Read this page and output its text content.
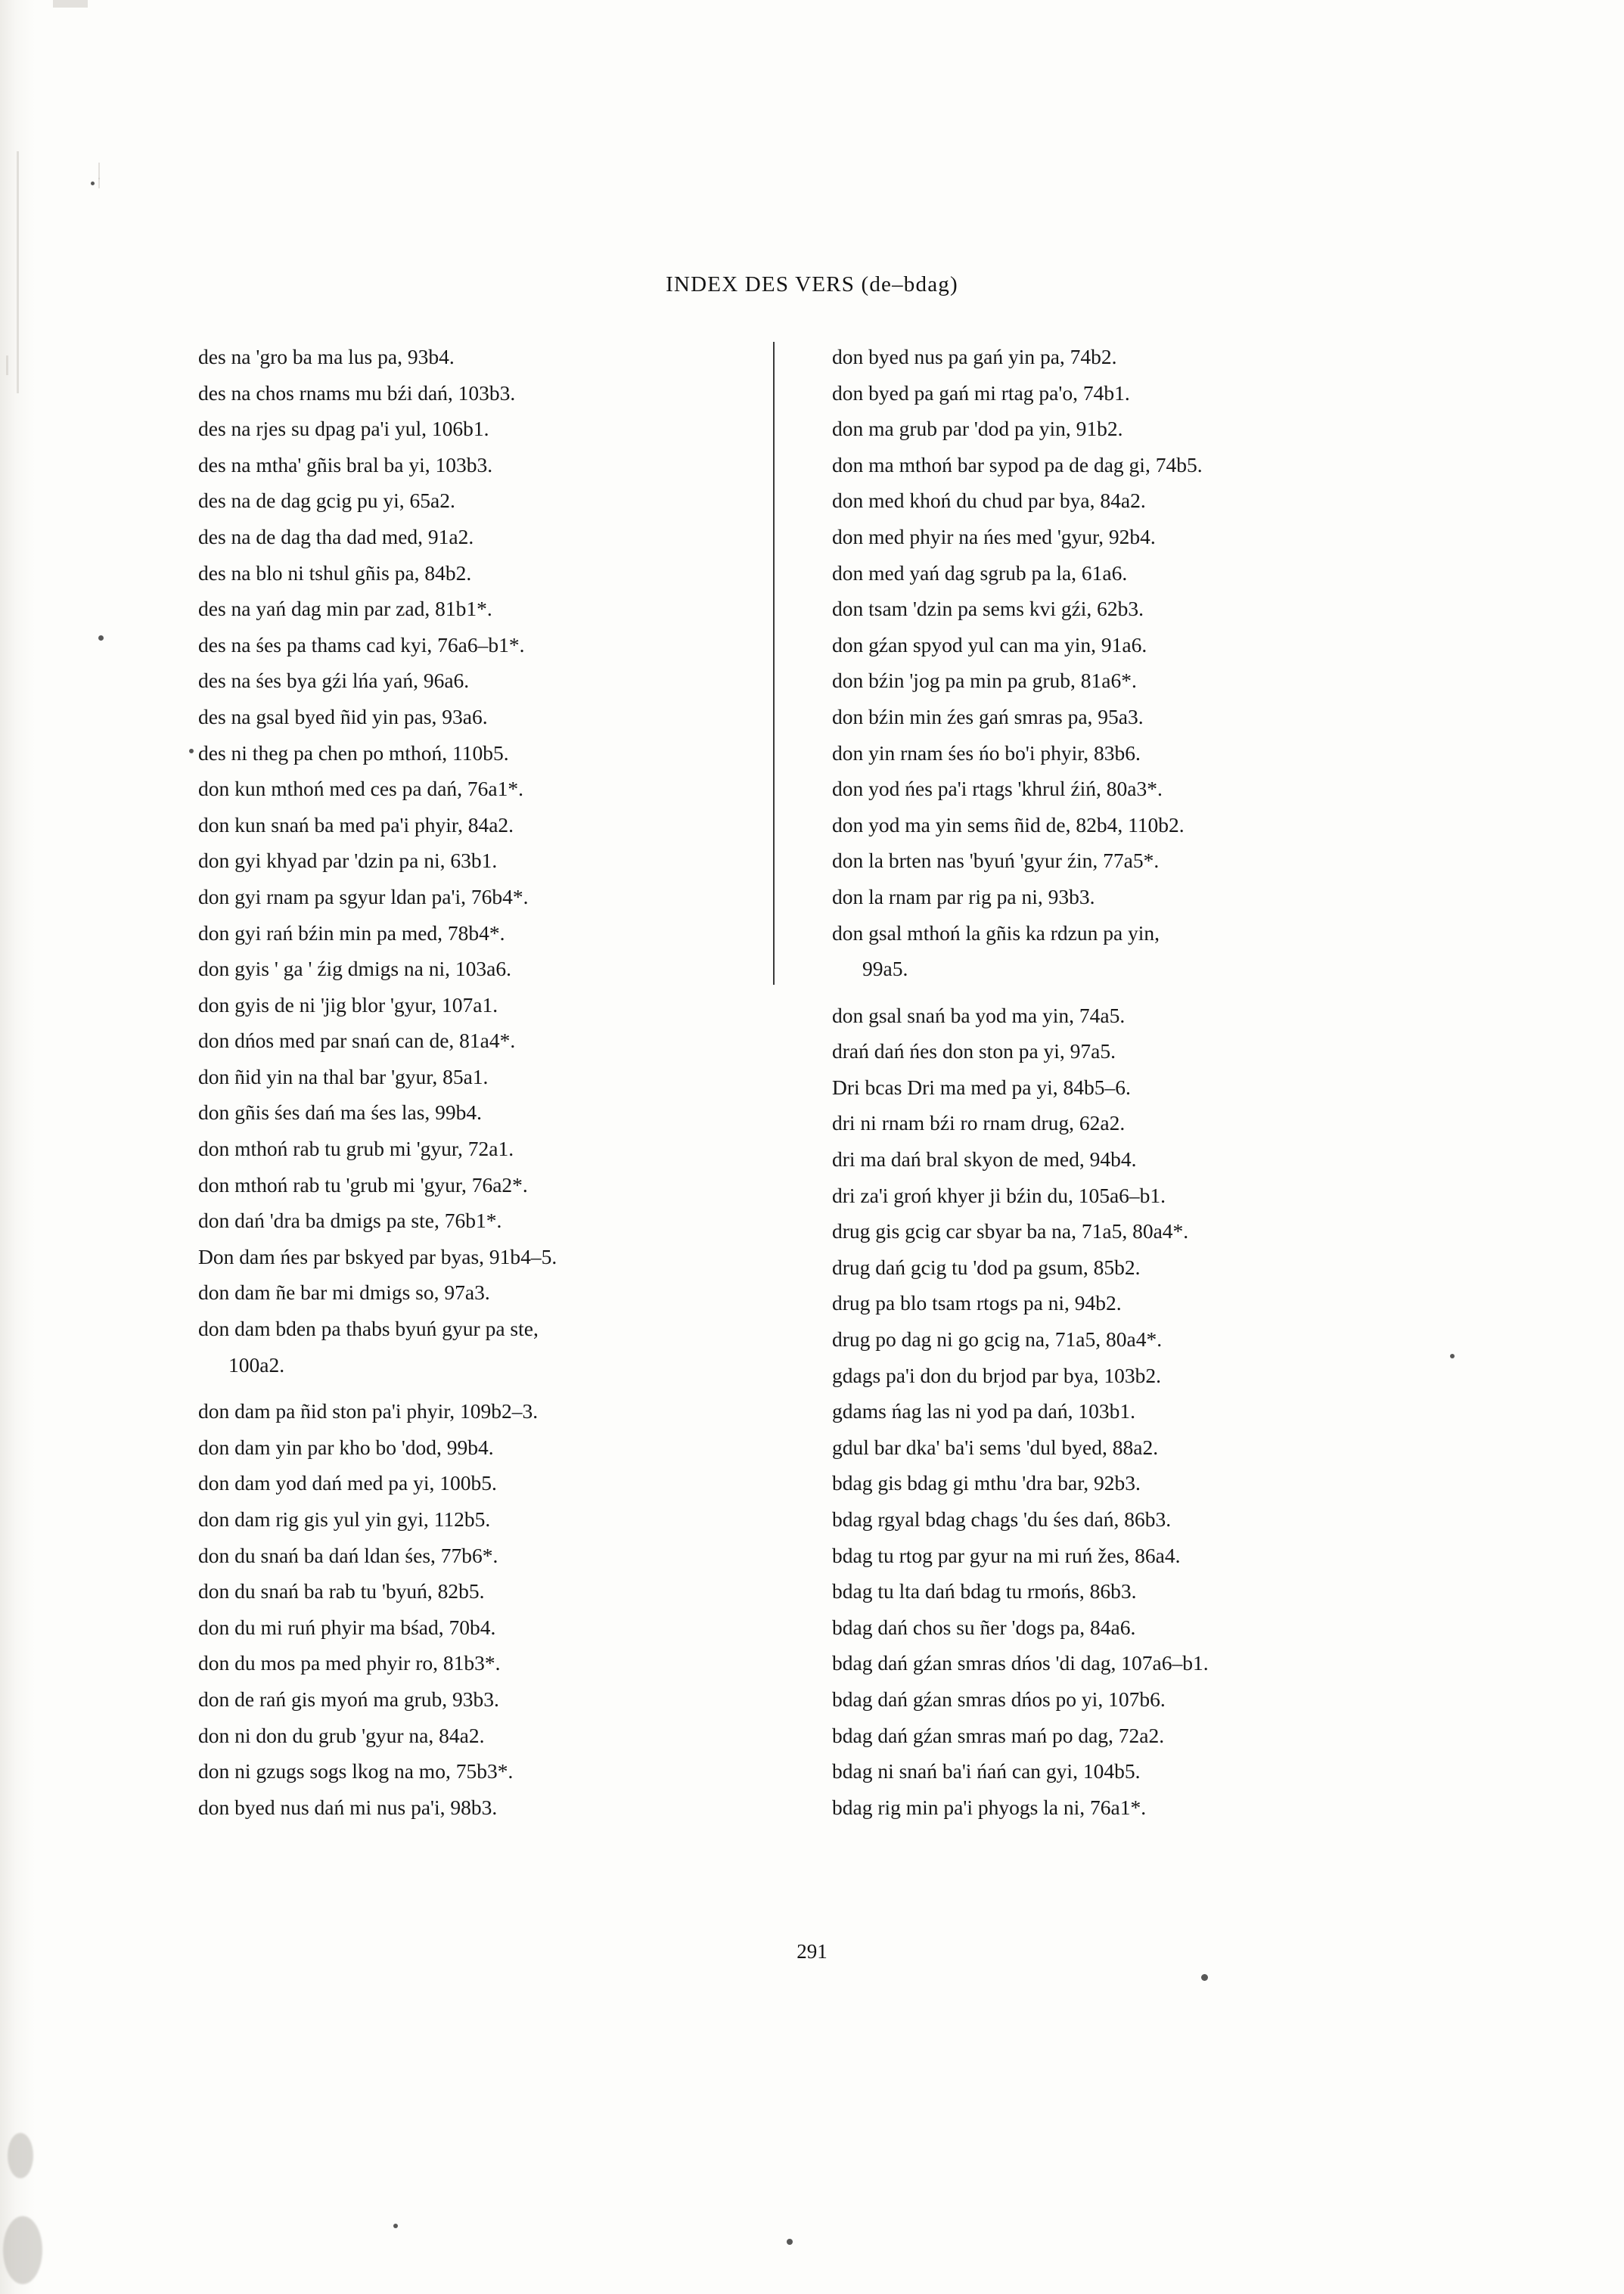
INDEX DES VERS (de–bdag)
des na 'gro ba ma lus pa, 93b4.
des na chos rnams mu bźi dań, 103b3.
des na rjes su dpag pa'i yul, 106b1.
des na mtha' gñis bral ba yi, 103b3.
des na de dag gcig pu yi, 65a2.
des na de dag tha dad med, 91a2.
des na blo ni tshul gñis pa, 84b2.
des na yań dag min par zad, 81b1*.
des na śes pa thams cad kyi, 76a6–b1*.
des na śes bya gźi lńa yań, 96a6.
des na gsal byed ñid yin pas, 93a6.
des ni theg pa chen po mthoń, 110b5.
don kun mthoń med ces pa dań, 76a1*.
don kun snań ba med pa'i phyir, 84a2.
don gyi khyad par 'dzin pa ni, 63b1.
don gyi rnam pa sgyur ldan pa'i, 76b4*.
don gyi rań bźin min pa med, 78b4*.
don gyis ' ga ' źig dmigs na ni, 103a6.
don gyis de ni 'jig blor 'gyur, 107a1.
don dńos med par snań can de, 81a4*.
don ñid yin na thal bar 'gyur, 85a1.
don gñis śes dań ma śes las, 99b4.
don mthoń rab tu grub mi 'gyur, 72a1.
don mthoń rab tu 'grub mi 'gyur, 76a2*.
don dań 'dra ba dmigs pa ste, 76b1*.
Don dam ńes par bskyed par byas, 91b4–5.
don dam ñe bar mi dmigs so, 97a3.
don dam bden pa thabs byuń gyur pa ste,
100a2.
don dam pa ñid ston pa'i phyir, 109b2–3.
don dam yin par kho bo 'dod, 99b4.
don dam yod dań med pa yi, 100b5.
don dam rig gis yul yin gyi, 112b5.
don du snań ba dań ldan śes, 77b6*.
don du snań ba rab tu 'byuń, 82b5.
don du mi ruń phyir ma bśad, 70b4.
don du mos pa med phyir ro, 81b3*.
don de rań gis myoń ma grub, 93b3.
don ni don du grub 'gyur na, 84a2.
don ni gzugs sogs lkog na mo, 75b3*.
don byed nus dań mi nus pa'i, 98b3.
don byed nus pa gań yin pa, 74b2.
don byed pa gań mi rtag pa'o, 74b1.
don ma grub par 'dod pa yin, 91b2.
don ma mthoń bar sypod pa de dag gi, 74b5.
don med khoń du chud par bya, 84a2.
don med phyir na ńes med 'gyur, 92b4.
don med yań dag sgrub pa la, 61a6.
don tsam 'dzin pa sems kvi gźi, 62b3.
don gźan spyod yul can ma yin, 91a6.
don bźin 'jog pa min pa grub, 81a6*.
don bźin min źes gań smras pa, 95a3.
don yin rnam śes ńo bo'i phyir, 83b6.
don yod ńes pa'i rtags 'khrul źiń, 80a3*.
don yod ma yin sems ñid de, 82b4, 110b2.
don la brten nas 'byuń 'gyur źin, 77a5*.
don la rnam par rig pa ni, 93b3.
don gsal mthoń la gñis ka rdzun pa yin,
99a5.
don gsal snań ba yod ma yin, 74a5.
drań dań ńes don ston pa yi, 97a5.
Dri bcas Dri ma med pa yi, 84b5–6.
dri ni rnam bźi ro rnam drug, 62a2.
dri ma dań bral skyon de med, 94b4.
dri za'i groń khyer ji bźin du, 105a6–b1.
drug gis gcig car sbyar ba na, 71a5, 80a4*.
drug dań gcig tu 'dod pa gsum, 85b2.
drug pa blo tsam rtogs pa ni, 94b2.
drug po dag ni go gcig na, 71a5, 80a4*.
gdags pa'i don du brjod par bya, 103b2.
gdams ńag las ni yod pa dań, 103b1.
gdul bar dka' ba'i sems 'dul byed, 88a2.
bdag gis bdag gi mthu 'dra bar, 92b3.
bdag rgyal bdag chags 'du śes dań, 86b3.
bdag tu rtog par gyur na mi ruń žes, 86a4.
bdag tu lta dań bdag tu rmońs, 86b3.
bdag dań chos su ñer 'dogs pa, 84a6.
bdag dań gźan smras dńos 'di dag, 107a6–b1.
bdag dań gźan smras dńos po yi, 107b6.
bdag dań gźan smras mań po dag, 72a2.
bdag ni snań ba'i ńań can gyi, 104b5.
bdag rig min pa'i phyogs la ni, 76a1*.
291
